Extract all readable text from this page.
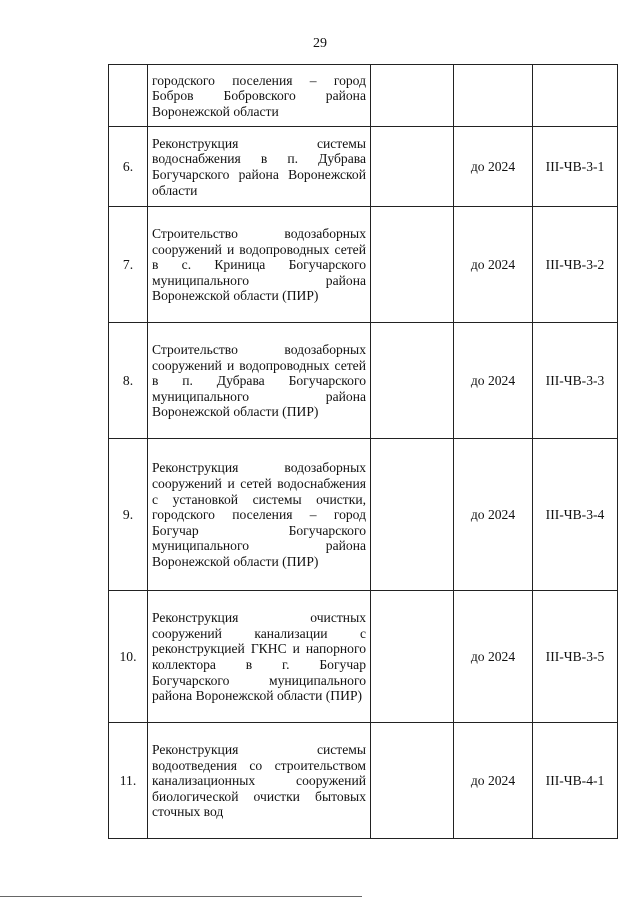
29
	городского поселения – город Бобров Бобровского района Воронежской области			
6.	Реконструкция системы водоснабжения в п. Дубрава Богучарского района Воронежской области		до 2024	III-ЧВ-3-1
7.	Строительство водозаборных сооружений и водопроводных сетей в с. Криница Богучарского муниципального района Воронежской области (ПИР)		до 2024	III-ЧВ-3-2
8.	Строительство водозаборных сооружений и водопроводных сетей в п. Дубрава Богучарского муниципального района Воронежской области (ПИР)		до 2024	III-ЧВ-3-3
9.	Реконструкция водозаборных сооружений и сетей водоснабжения с установкой системы очистки, городского поселения – город Богучар Богучарского муниципального района Воронежской области (ПИР)		до 2024	III-ЧВ-3-4
10.	Реконструкция очистных сооружений канализации с реконструкцией ГКНС и напорного коллектора в г. Богучар Богучарского муниципального района Воронежской области (ПИР)		до 2024	III-ЧВ-3-5
11.	Реконструкция системы водоотведения со строительством канализационных сооружений биологической очистки бытовых сточных вод		до 2024	III-ЧВ-4-1
